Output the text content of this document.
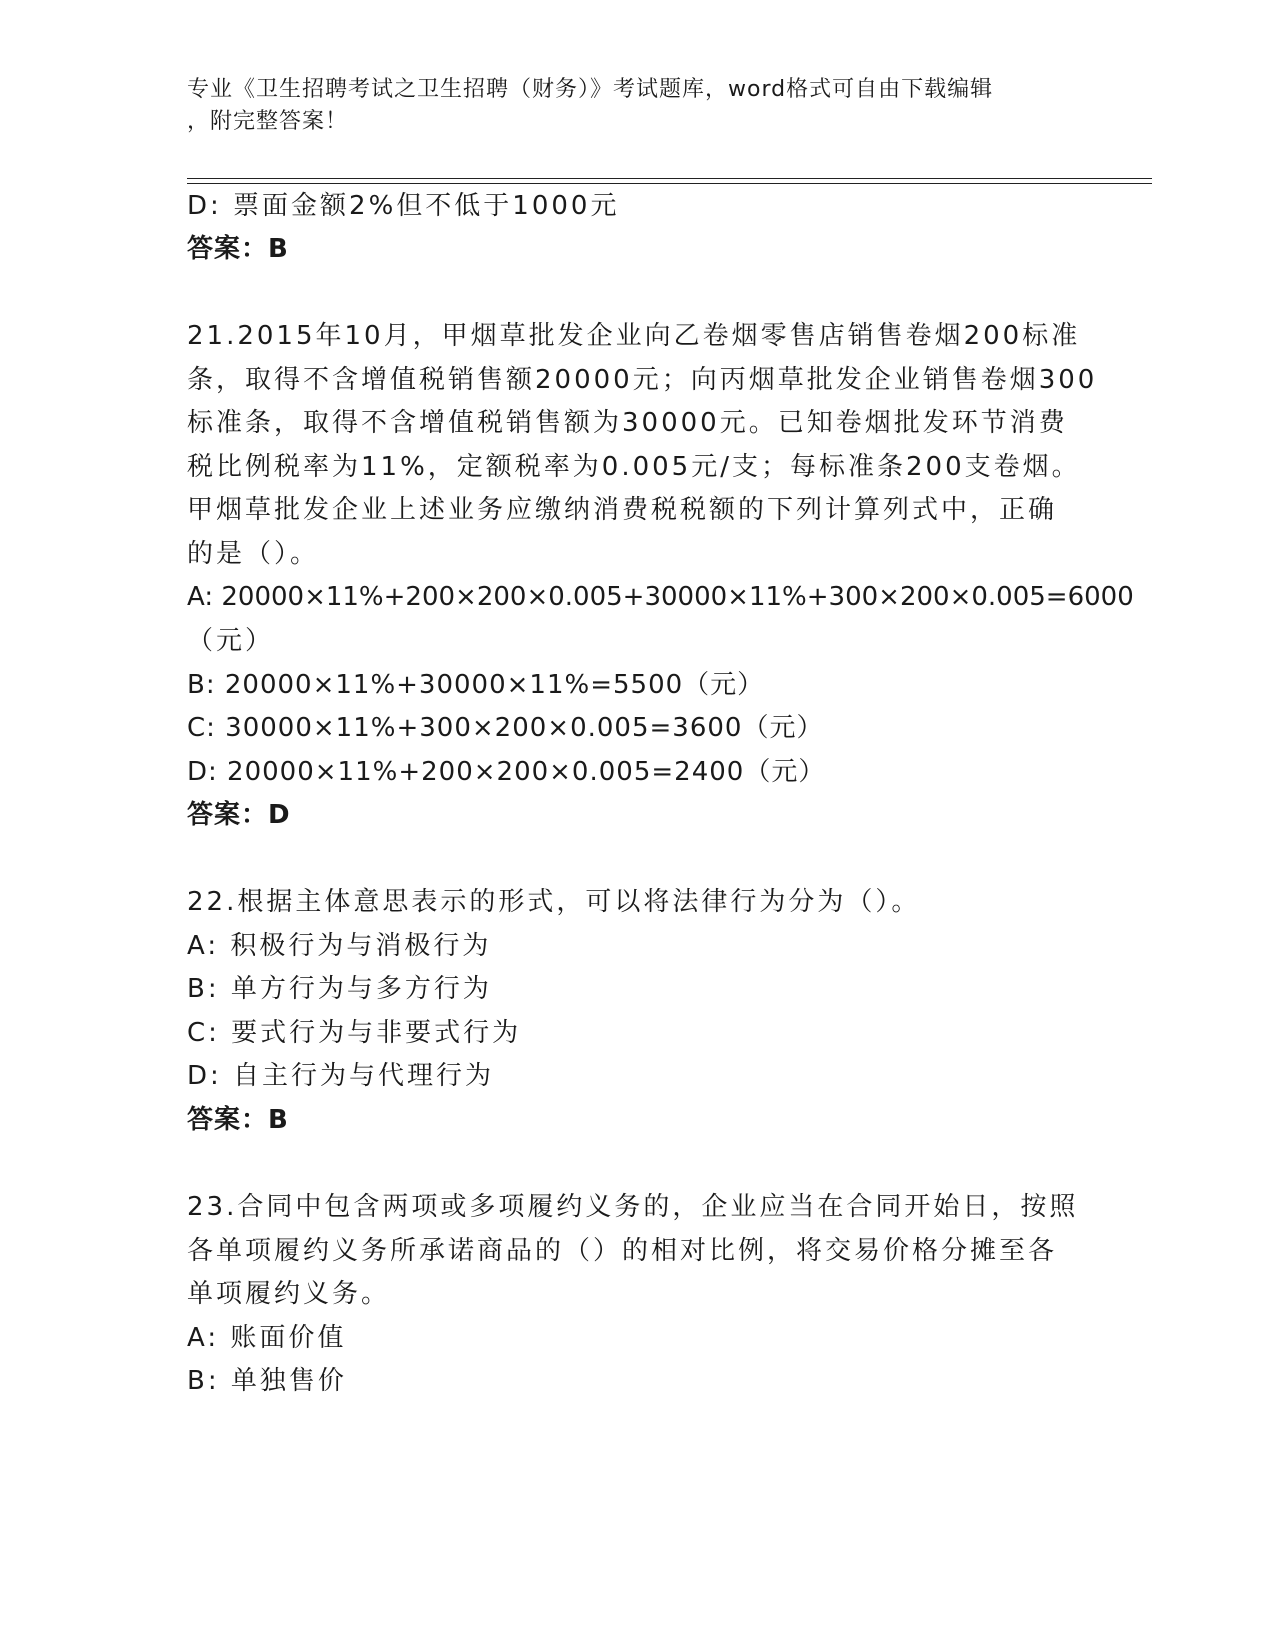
专业《卫生招聘考试之卫生招聘（财务）》考试题库，word格式可自由下载编辑
，附完整答案！
D: 票面金额2%但不低于1000元
答案：B
21.2015年10月，甲烟草批发企业向乙卷烟零售店销售卷烟200标准
条，取得不含增值税销售额20000元；向丙烟草批发企业销售卷烟300
标准条，取得不含增值税销售额为30000元。已知卷烟批发环节消费
税比例税率为11%，定额税率为0.005元/支；每标准条200支卷烟。
甲烟草批发企业上述业务应缴纳消费税税额的下列计算列式中，正确
的是（）。
A: 20000×11%+200×200×0.005+30000×11%+300×200×0.005=6000
（元）
B: 20000×11%+30000×11%=5500（元）
C: 30000×11%+300×200×0.005=3600（元）
D: 20000×11%+200×200×0.005=2400（元）
答案：D
22.根据主体意思表示的形式，可以将法律行为分为（）。
A: 积极行为与消极行为
B: 单方行为与多方行为
C: 要式行为与非要式行为
D: 自主行为与代理行为
答案：B
23.合同中包含两项或多项履约义务的，企业应当在合同开始日，按照
各单项履约义务所承诺商品的（）的相对比例，将交易价格分摊至各
单项履约义务。
A: 账面价值
B: 单独售价
